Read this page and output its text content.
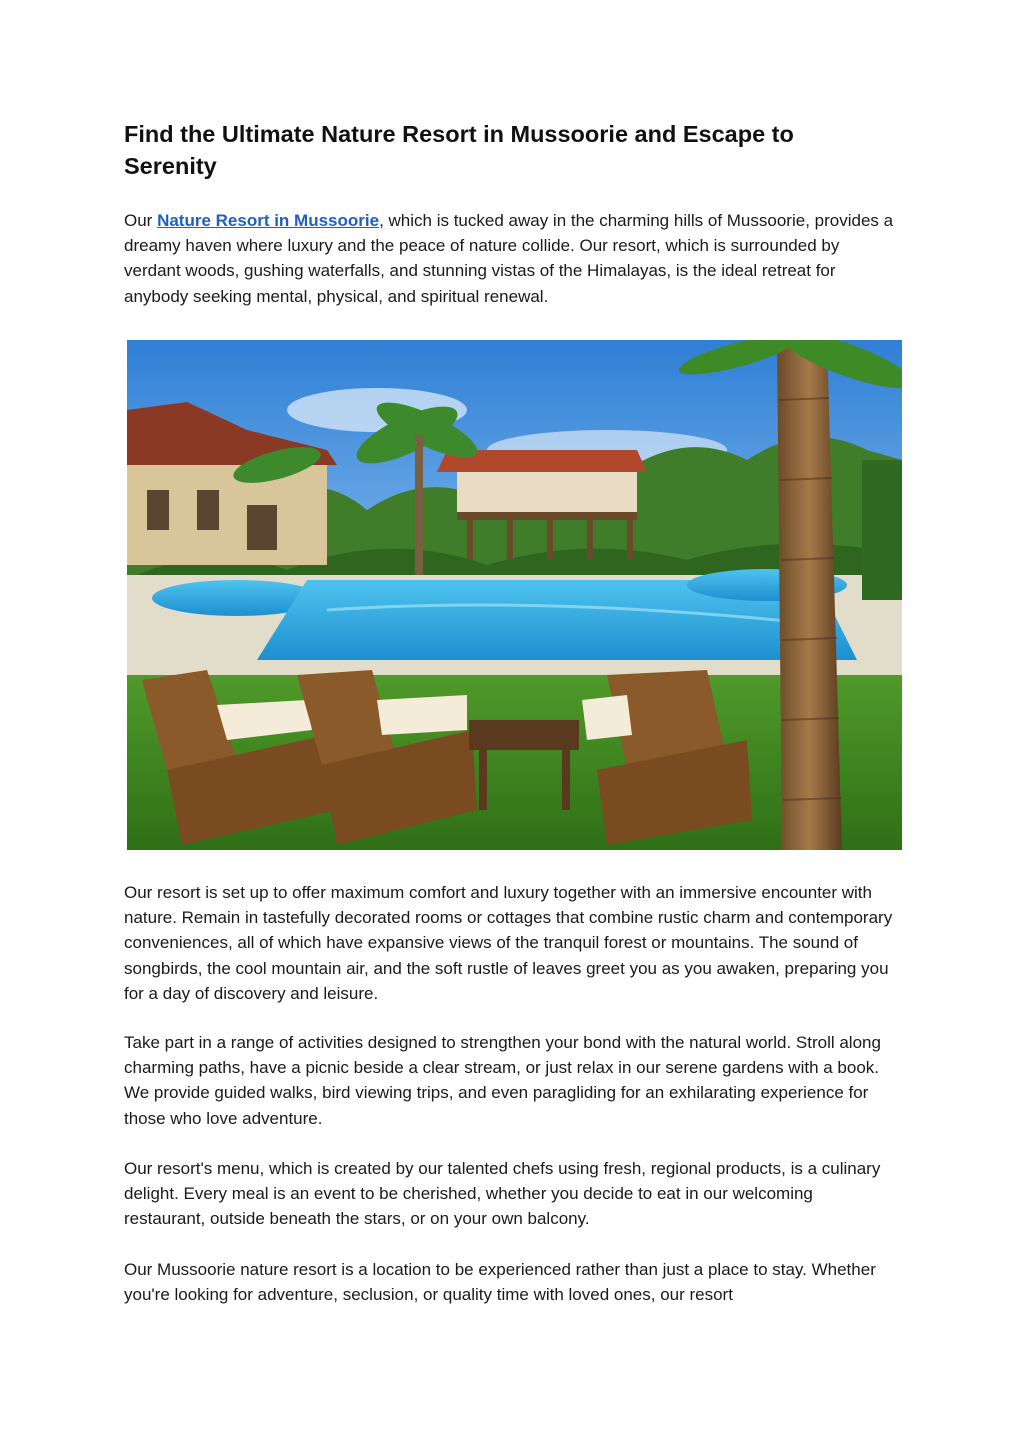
Find the Ultimate Nature Resort in Mussoorie and Escape to Serenity

Our Nature Resort in Mussoorie, which is tucked away in the charming hills of Mussoorie, provides a dreamy haven where luxury and the peace of nature collide. Our resort, which is surrounded by verdant woods, gushing waterfalls, and stunning vistas of the Himalayas, is the ideal retreat for anybody seeking mental, physical, and spiritual renewal.

Our resort is set up to offer maximum comfort and luxury together with an immersive encounter with nature. Remain in tastefully decorated rooms or cottages that combine rustic charm and contemporary conveniences, all of which have expansive views of the tranquil forest or mountains. The sound of songbirds, the cool mountain air, and the soft rustle of leaves greet you as you awaken, preparing you for a day of discovery and leisure.

Take part in a range of activities designed to strengthen your bond with the natural world. Stroll along charming paths, have a picnic beside a clear stream, or just relax in our serene gardens with a book. We provide guided walks, bird viewing trips, and even paragliding for an exhilarating experience for those who love adventure.

Our resort's menu, which is created by our talented chefs using fresh, regional products, is a culinary delight. Every meal is an event to be cherished, whether you decide to eat in our welcoming restaurant, outside beneath the stars, or on your own balcony.

Our Mussoorie nature resort is a location to be experienced rather than just a place to stay. Whether you're looking for adventure, seclusion, or quality time with loved ones, our resort
